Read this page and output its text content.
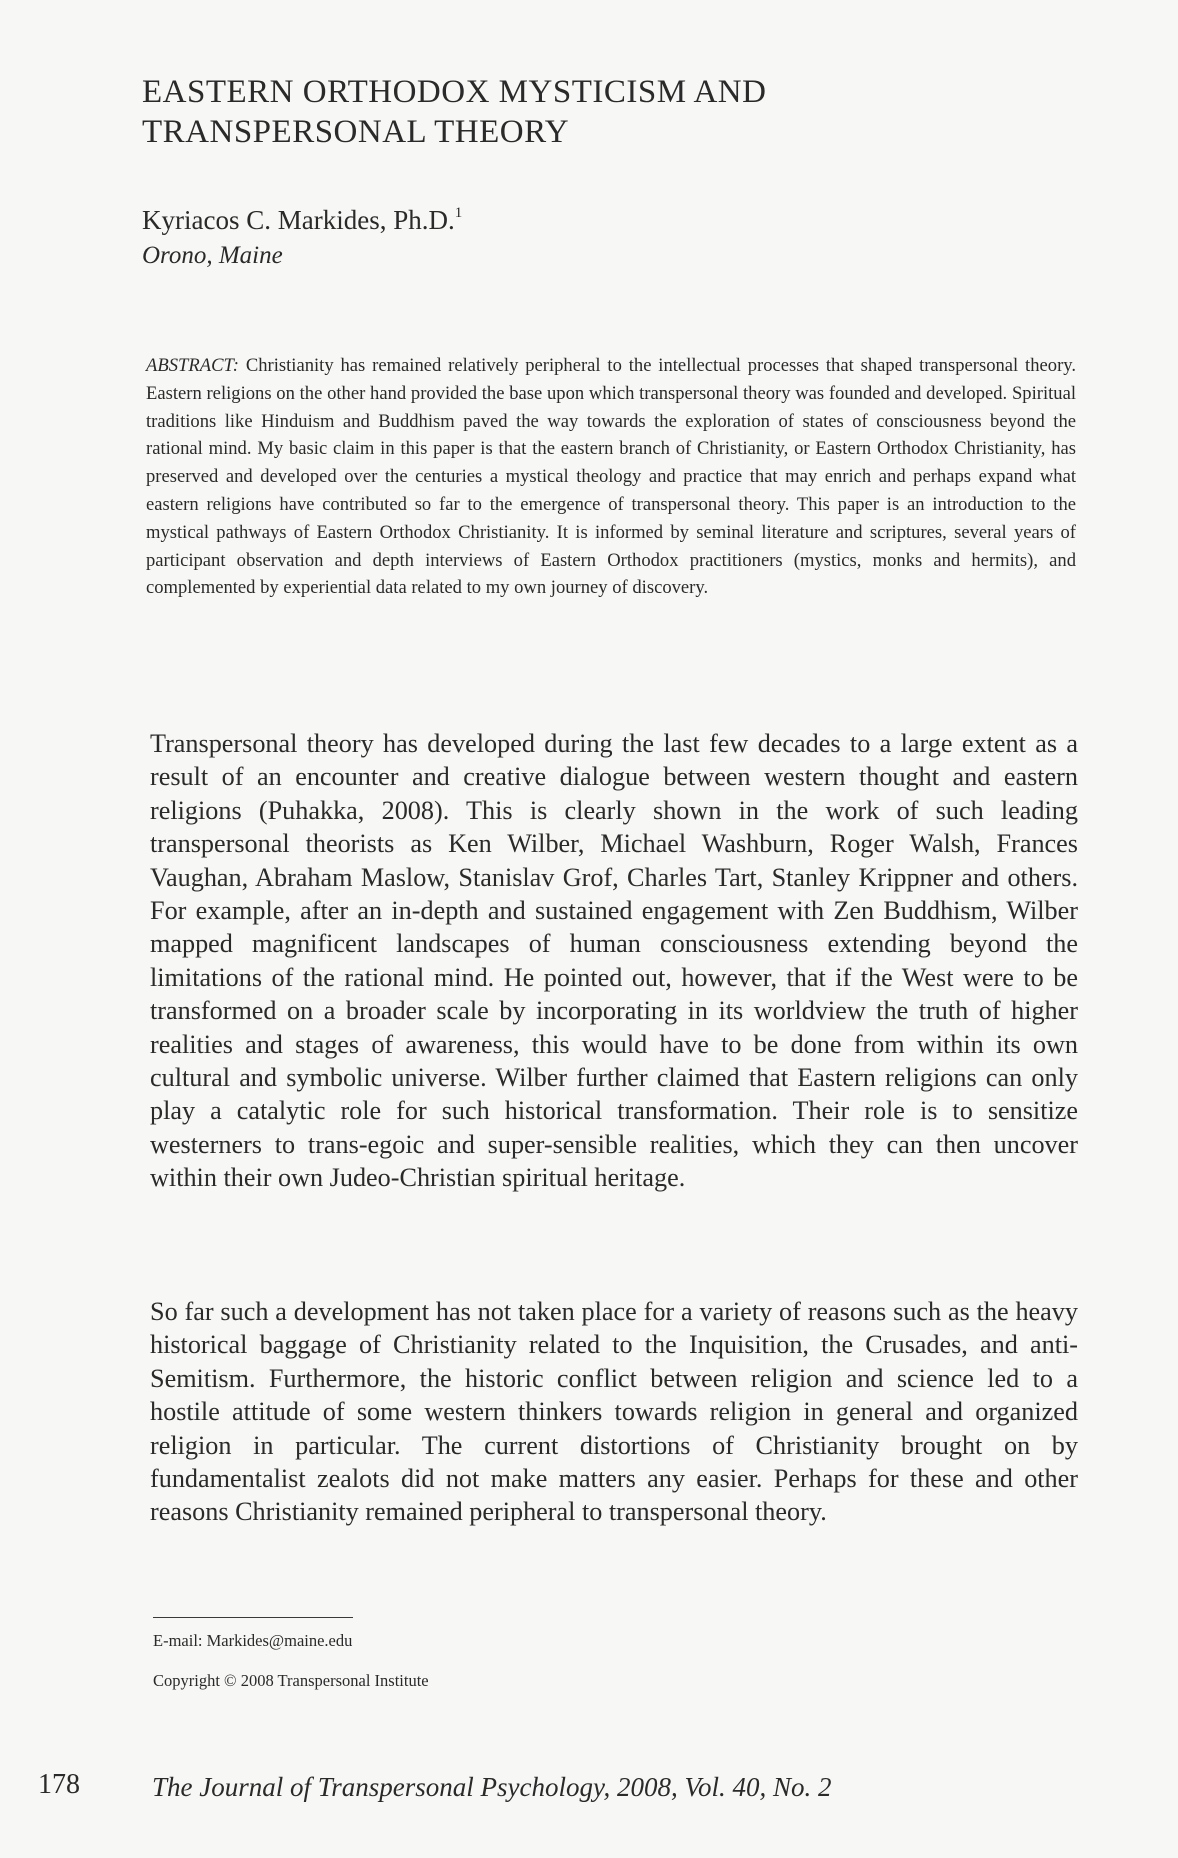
EASTERN ORTHODOX MYSTICISM AND TRANSPERSONAL THEORY
Kyriacos C. Markides, Ph.D.$^1$
Orono, Maine

ABSTRACT: Christianity has remained relatively peripheral to the intellectual processes that shaped transpersonal theory. Eastern religions on the other hand provided the base upon which transpersonal theory was founded and developed. Spiritual traditions like Hinduism and Buddhism paved the way towards the exploration of states of consciousness beyond the rational mind. My basic claim in this paper is that the eastern branch of Christianity, or Eastern Orthodox Christianity, has preserved and developed over the centuries a mystical theology and practice that may enrich and perhaps expand what eastern religions have contributed so far to the emergence of transpersonal theory. This paper is an introduction to the mystical pathways of Eastern Orthodox Christianity. It is informed by seminal literature and scriptures, several years of participant observation and depth interviews of Eastern Orthodox practitioners (mystics, monks and hermits), and complemented by experiential data related to my own journey of discovery.

Transpersonal theory has developed during the last few decades to a large extent as a result of an encounter and creative dialogue between western thought and eastern religions (Puhakka, 2008). This is clearly shown in the work of such leading transpersonal theorists as Ken Wilber, Michael Washburn, Roger Walsh, Frances Vaughan, Abraham Maslow, Stanislav Grof, Charles Tart, Stanley Krippner and others. For example, after an in-depth and sustained engagement with Zen Buddhism, Wilber mapped magnificent landscapes of human consciousness extending beyond the limitations of the rational mind. He pointed out, however, that if the West were to be transformed on a broader scale by incorporating in its worldview the truth of higher realities and stages of awareness, this would have to be done from within its own cultural and symbolic universe. Wilber further claimed that Eastern religions can only play a catalytic role for such historical transformation. Their role is to sensitize westerners to trans-egoic and super-sensible realities, which they can then uncover within their own Judeo-Christian spiritual heritage.

So far such a development has not taken place for a variety of reasons such as the heavy historical baggage of Christianity related to the Inquisition, the Crusades, and anti-Semitism. Furthermore, the historic conflict between religion and science led to a hostile attitude of some western thinkers towards religion in general and organized religion in particular. The current distortions of Christianity brought on by fundamentalist zealots did not make matters any easier. Perhaps for these and other reasons Christianity remained peripheral to transpersonal theory.

E-mail: Markides@maine.edu
Copyright © 2008 Transpersonal Institute
178	The Journal of Transpersonal Psychology, 2008, Vol. 40, No. 2
